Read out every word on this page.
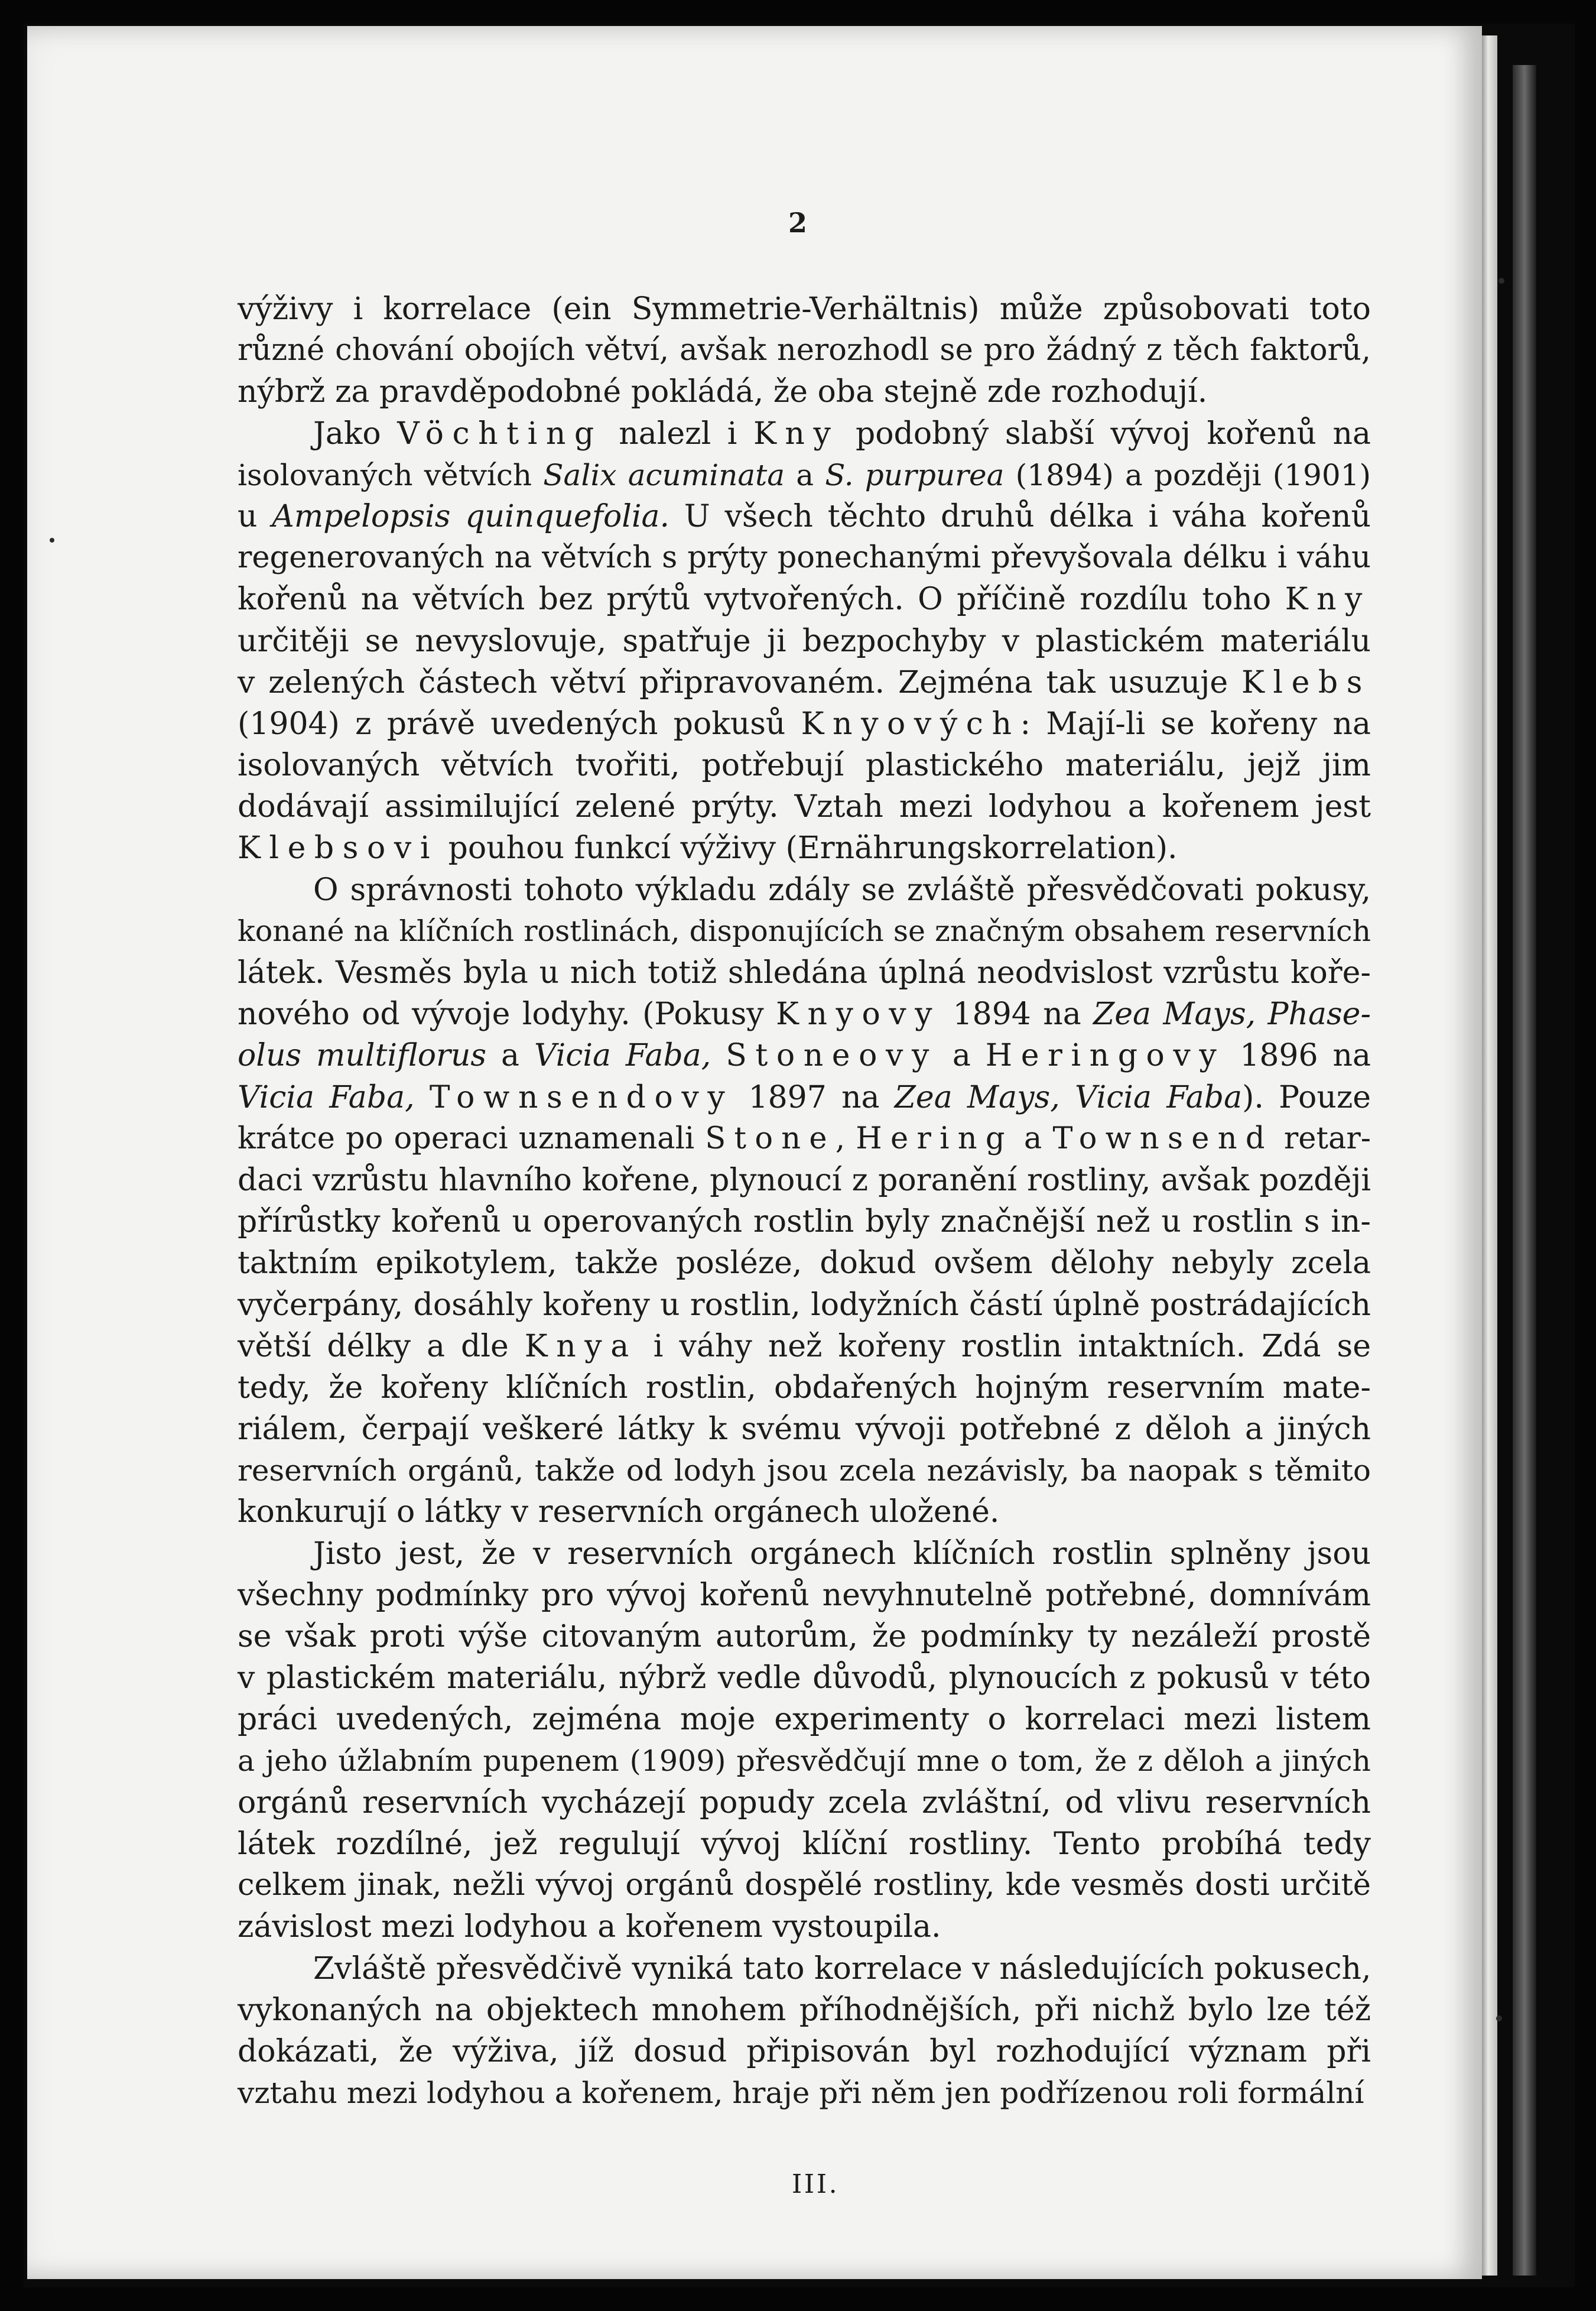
2
výživy i korrelace (ein Symmetrie-Verhältnis) může způsobovati toto
různé chování obojích větví, avšak nerozhodl se pro žádný z těch faktorů,
nýbrž za pravděpodobné pokládá, že oba stejně zde rozhodují.
Jako Vöchting nalezl i Kny podobný slabší vývoj kořenů na
isolovaných větvích Salix acuminata a S. purpurea (1894) a později (1901)
u Ampelopsis quinquefolia. U všech těchto druhů délka i váha kořenů
regenerovaných na větvích s prýty ponechanými převyšovala délku i váhu
kořenů na větvích bez prýtů vytvořených. O příčině rozdílu toho Kny
určitěji se nevyslovuje, spatřuje ji bezpochyby v plastickém materiálu
v zelených částech větví připravovaném. Zejména tak usuzuje Klebs
(1904) z právě uvedených pokusů Knyových: Mají-li se kořeny na
isolovaných větvích tvořiti, potřebují plastického materiálu, jejž jim
dodávají assimilující zelené prýty. Vztah mezi lodyhou a kořenem jest
Klebsovi pouhou funkcí výživy (Ernährungskorrelation).
O správnosti tohoto výkladu zdály se zvláště přesvědčovati pokusy,
konané na klíčních rostlinách, disponujících se značným obsahem reservních
látek. Vesměs byla u nich totiž shledána úplná neodvislost vzrůstu koře-
nového od vývoje lodyhy. (Pokusy Knyovy 1894 na Zea Mays, Phase-
olus multiflorus a Vicia Faba, Stoneovy a Heringovy 1896 na
Vicia Faba, Townsendovy 1897 na Zea Mays, Vicia Faba). Pouze
krátce po operaci uznamenali Stone, Hering a Townsend retar-
daci vzrůstu hlavního kořene, plynoucí z poranění rostliny, avšak později
přírůstky kořenů u operovaných rostlin byly značnější než u rostlin s in-
taktním epikotylem, takže posléze, dokud ovšem dělohy nebyly zcela
vyčerpány, dosáhly kořeny u rostlin, lodyžních částí úplně postrádajících
větší délky a dle Knya i váhy než kořeny rostlin intaktních. Zdá se
tedy, že kořeny klíčních rostlin, obdařených hojným reservním mate-
riálem, čerpají veškeré látky k svému vývoji potřebné z děloh a jiných
reservních orgánů, takže od lodyh jsou zcela nezávisly, ba naopak s těmito
konkurují o látky v reservních orgánech uložené.
Jisto jest, že v reservních orgánech klíčních rostlin splněny jsou
všechny podmínky pro vývoj kořenů nevyhnutelně potřebné, domnívám
se však proti výše citovaným autorům, že podmínky ty nezáleží prostě
v plastickém materiálu, nýbrž vedle důvodů, plynoucích z pokusů v této
práci uvedených, zejména moje experimenty o korrelaci mezi listem
a jeho úžlabním pupenem (1909) přesvědčují mne o tom, že z děloh a jiných
orgánů reservních vycházejí popudy zcela zvláštní, od vlivu reservních
látek rozdílné, jež regulují vývoj klíční rostliny. Tento probíhá tedy
celkem jinak, nežli vývoj orgánů dospělé rostliny, kde vesměs dosti určitě
závislost mezi lodyhou a kořenem vystoupila.
Zvláště přesvědčivě vyniká tato korrelace v následujících pokusech,
vykonaných na objektech mnohem příhodnějších, při nichž bylo lze též
dokázati, že výživa, jíž dosud připisován byl rozhodující význam při
vztahu mezi lodyhou a kořenem, hraje při něm jen podřízenou roli formální
III.
